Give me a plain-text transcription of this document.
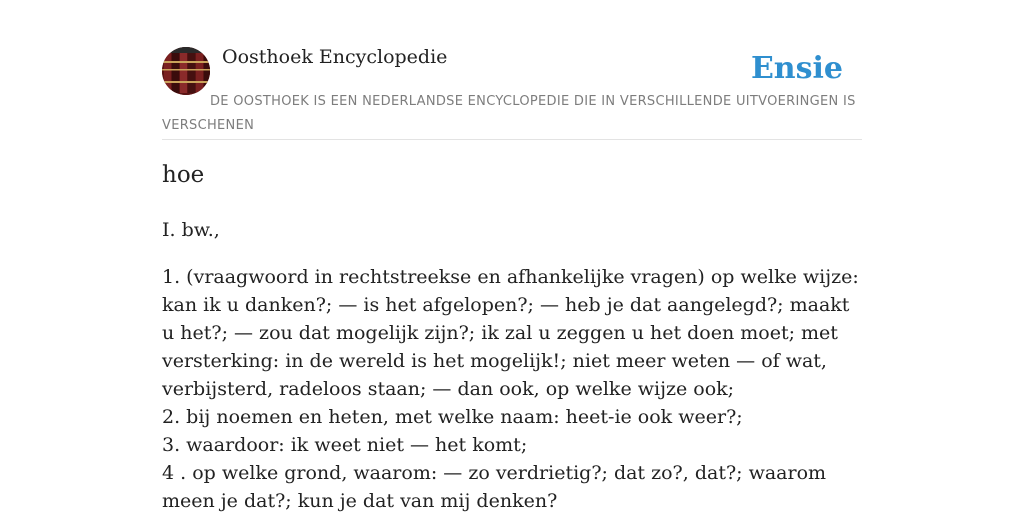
Oosthoek Encyclopedie	Ensie
DE OOSTHOEK IS EEN NEDERLANDSE ENCYCLOPEDIE DIE IN VERSCHILLENDE UITVOERINGEN IS VERSCHENEN
hoe

I. bw.,

1. (vraagwoord in rechtstreekse en afhankelijke vragen) op welke wijze: kan ik u danken?; — is het afgelopen?; — heb je dat aangelegd?; maakt u het?; — zou dat mogelijk zijn?; ik zal u zeggen u het doen moet; met versterking: in de wereld is het mogelijk!; niet meer weten — of wat, verbijsterd, radeloos staan; — dan ook, op welke wijze ook;
2. bij noemen en heten, met welke naam: heet-ie ook weer?;
3. waardoor: ik weet niet — het komt;
4 . op welke grond, waarom: — zo verdrietig?; dat zo?, dat?; waarom meen je dat?; kun je dat van mij denken?
